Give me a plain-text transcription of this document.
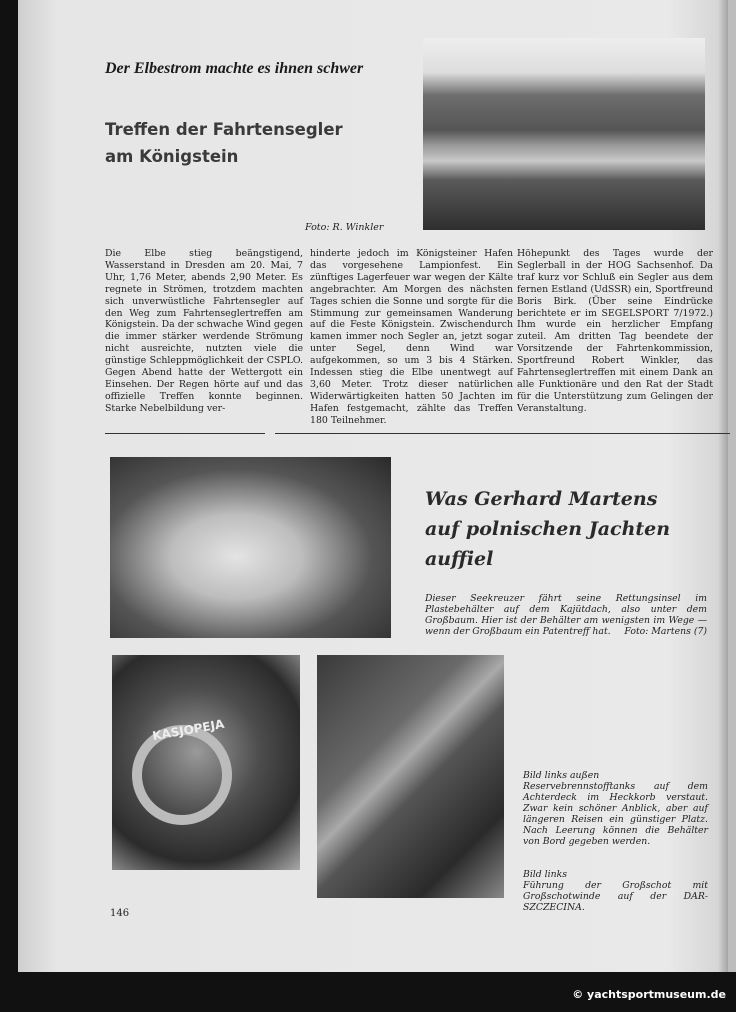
Der Elbestrom machte es ihnen schwer
Treffen der Fahrtensegler
am Königstein
Foto: R. Winkler
Die Elbe stieg beängstigend, Wasserstand in Dresden am 20. Mai, 7 Uhr, 1,76 Meter, abends 2,90 Meter. Es regnete in Strömen, trotzdem machten sich unverwüstliche Fahrtensegler auf den Weg zum Fahrtenseglertreffen am Königstein. Da der schwache Wind gegen die immer stärker werdende Strömung nicht ausreichte, nutzten viele die günstige Schleppmöglichkeit der CSPLO. Gegen Abend hatte der Wettergott ein Einsehen. Der Regen hörte auf und das offizielle Treffen konnte beginnen. Starke Nebelbildung ver-
hinderte jedoch im Königsteiner Hafen das vorgesehene Lampionfest. Ein zünftiges Lagerfeuer war wegen der Kälte angebrachter. Am Morgen des nächsten Tages schien die Sonne und sorgte für die Stimmung zur gemeinsamen Wanderung auf die Feste Königstein. Zwischendurch kamen immer noch Segler an, jetzt sogar unter Segel, denn Wind war aufgekommen, so um 3 bis 4 Stärken. Indessen stieg die Elbe unentwegt auf 3,60 Meter. Trotz dieser natürlichen Widerwärtigkeiten hatten 50 Jachten im Hafen festgemacht, zählte das Treffen 180 Teilnehmer.
Höhepunkt des Tages wurde der Seglerball in der HOG Sachsenhof. Da traf kurz vor Schluß ein Segler aus dem fernen Estland (UdSSR) ein, Sportfreund Boris Birk. (Über seine Eindrücke berichtete er im SEGELSPORT 7/1972.) Ihm wurde ein herzlicher Empfang zuteil. Am dritten Tag beendete der Vorsitzende der Fahrtenkommission, Sportfreund Robert Winkler, das Fahrtenseglertreffen mit einem Dank an alle Funktionäre und den Rat der Stadt für die Unterstützung zum Gelingen der Veranstaltung.
Was Gerhard Martens
auf polnischen Jachten auffiel
Dieser Seekreuzer fährt seine Rettungsinsel im Plastebehälter auf dem Kajütdach, also unter dem Großbaum. Hier ist der Behälter am wenigsten im Wege — wenn der Großbaum ein Patentreff hat. Foto: Martens (7)
KASJOPEJA
Bild links außen
Reservebrennstofftanks auf dem Achterdeck im Heckkorb verstaut. Zwar kein schöner Anblick, aber auf längeren Reisen ein günstiger Platz. Nach Leerung können die Behälter von Bord gegeben werden.
Bild links
Führung der Großschot mit Großschotwinde auf der DAR-SZCZECINA.
146
© yachtsportmuseum.de
